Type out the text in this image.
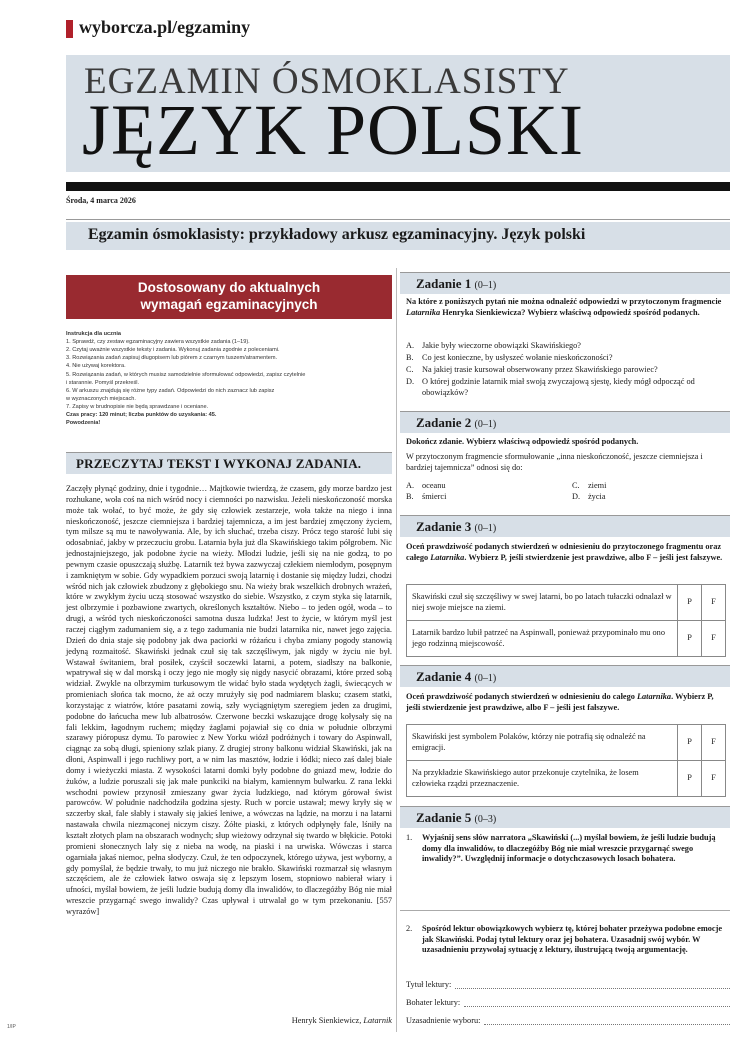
wyborcza.pl/egzaminy
EGZAMIN ÓSMOKLASISTY
JĘZYK POLSKI
Środa, 4 marca 2026
Egzamin ósmoklasisty: przykładowy arkusz egzaminacyjny. Język polski
Dostosowany do aktualnych
wymagań egzaminacyjnych
Instrukcja dla ucznia
1. Sprawdź, czy zestaw egzaminacyjny zawiera wszystkie zadania (1–19).
2. Czytaj uważnie wszystkie teksty i zadania. Wykonuj zadania zgodnie z poleceniami.
3. Rozwiązania zadań zapisuj długopisem lub piórem z czarnym tuszem/atramentem.
4. Nie używaj korektora.
5. Rozwiązania zadań, w których musisz samodzielnie sformułować odpowiedzi, zapisz czytelnie
i starannie. Pomyśl przekreśl.
6. W arkuszu znajdują się różne typy zadań. Odpowiedzi do nich zaznacz lub zapisz
w wyznaczonych miejscach.
7. Zapisy w brudnopisie nie będą sprawdzane i oceniane.
Czas pracy: 120 minut; liczba punktów do uzyskania: 45.
Powodzenia!
PRZECZYTAJ TEKST I WYKONAJ ZADANIA.
Zaczęły płynąć godziny, dnie i tygodnie… Majtkowie twierdzą, że czasem, gdy morze bardzo jest rozhukane, woła coś na nich wśród nocy i ciemności po nazwisku. Jeżeli nieskończoność morska może tak wołać, to być może, że gdy się człowiek zestarzeje, woła także na niego i inna nieskończoność, jeszcze ciemniejsza i bardziej tajemnicza, a im jest bardziej zmęczony życiem, tym milsze są mu te nawoływania. Ale, by ich słuchać, trzeba ciszy. Prócz tego starość lubi się odosabniać, jakby w przeczuciu grobu. Latarnia była już dla Skawińskiego takim półgrobem. Nic jednostajniejszego, jak podobne życie na wieży. Młodzi ludzie, jeśli się na nie godzą, to po pewnym czasie opuszczają służbę. Latarnik też bywa zazwyczaj człekiem niemłodym, posępnym i zamkniętym w sobie. Gdy wypadkiem porzuci swoją latarnię i dostanie się między ludzi, chodzi wśród nich jak człowiek zbudzony z głębokiego snu. Na wieży brak wszelkich drobnych wrażeń, które w zwykłym życiu uczą stosować wszystko do siebie. Wszystko, z czym styka się latarnik, jest olbrzymie i pozbawione zwartych, określonych kształtów. Niebo – to jeden ogół, woda – to drugi, a wśród tych nieskończoności samotna dusza ludzka! Jest to życie, w którym myśl jest raczej ciągłym zadumaniem się, a z tego zadumania nie budzi latarnika nic, nawet jego zajęcia. Dzień do dnia staje się podobny jak dwa paciorki w różańcu i chyba zmiany pogody stanowią jedyną rozmaitość. Skawiński jednak czuł się tak szczęśliwym, jak nigdy w życiu nie był. Wstawał świtaniem, brał posiłek, czyścił soczewki latarni, a potem, siadłszy na balkonie, wpatrywał się w dal morską i oczy jego nie mogły się nigdy nasycić obrazami, które przed sobą widział. Zwykle na olbrzymim turkusowym tle widać było stada wydętych żagli, świecących w promieniach słońca tak mocno, że aż oczy mrużyły się pod nadmiarem blasku; czasem statki, korzystając z wiatrów, które pasatami zowią, szły wyciągniętym szeregiem jeden za drugimi, podobne do łańcucha mew lub albatrosów. Czerwone beczki wskazujące drogę kołysały się na fali lekkim, łagodnym ruchem; między żaglami pojawiał się co dnia w południe olbrzymi szarawy pióropusz dymu. To parowiec z New Yorku wiózł podróżnych i towary do Aspinwall, ciągnąc za sobą długi, spieniony szlak piany. Z drugiej strony balkonu widział Skawiński, jak na dłoni, Aspinwall i jego ruchliwy port, a w nim las masztów, łodzie i łódki; nieco zaś dalej białe domy i wieżyczki miasta. Z wysokości latarni domki były podobne do gniazd mew, łodzie do żuków, a ludzie poruszali się jak małe punkciki na białym, kamiennym bulwarku. Z rana lekki wschodni powiew przynosił zmieszany gwar życia ludzkiego, nad którym górował świst parowców. W południe nadchodziła godzina sjesty. Ruch w porcie ustawał; mewy kryły się w szczerby skał, fale słabły i stawały się jakieś leniwe, a wówczas na lądzie, na morzu i na latarni nastawała chwila niezmąconej niczym ciszy. Żółte piaski, z których odpłynęły fale, lśniły na kształt złotych plam na obszarach wodnych; słup wieżowy odrzynał się twardo w błękicie. Potoki promieni słonecznych lały się z nieba na wodę, na piaski i na urwiska. Wówczas i starca ogarniała jakaś niemoc, pełna słodyczy. Czuł, że ten odpoczynek, którego używa, jest wyborny, a gdy pomyślał, że będzie trwały, to mu już niczego nie brakło. Skawiński rozmarzał się własnym szczęściem, ale że człowiek łatwo oswaja się z lepszym losem, stopniowo nabierał wiary i ufności, myślał bowiem, że jeśli ludzie budują domy dla inwalidów, to dlaczegóżby Bóg nie miał wreszcie przygarnąć swego inwalidy? Czas upływał i utrwalał go w tym przekonaniu. [557 wyrazów]
Henryk Sienkiewicz, Latarnik
1/IP
Zadanie 1 (0–1)
Na które z poniższych pytań nie można odnaleźć odpowiedzi w przytoczonym fragmencie Latarnika Henryka Sienkiewicza? Wybierz właściwą odpowiedź spośród podanych.
A. Jakie były wieczorne obowiązki Skawińskiego?
B.	Co jest konieczne, by usłyszeć wołanie nieskończoności?
C.	Na jakiej trasie kursował obserwowany przez Skawińskiego parowiec?
D. O której godzinie latarnik miał swoją zwyczajową sjestę, kiedy mógł odpocząć od obowiązków?
Zadanie 2 (0–1)
Dokończ zdanie. Wybierz właściwą odpowiedź spośród podanych.
W przytoczonym fragmencie sformułowanie „inna nieskończoność, jeszcze ciemniejsza i bardziej tajemnicza” odnosi się do:
A. oceanu	C.	ziemi
B.	śmierci	D. życia
Zadanie 3 (0–1)
Oceń prawdziwość podanych stwierdzeń w odniesieniu do przytoczonego fragmentu oraz całego Latarnika. Wybierz P, jeśli stwierdzenie jest prawdziwe, albo F – jeśli jest fałszywe.
Skawiński czuł się szczęśliwy w swej latarni, bo po latach tułaczki odnalazł w niej swoje miejsce na ziemi.	P	F
Latarnik bardzo lubił patrzeć na Aspinwall, ponieważ przypominało mu ono jego rodzinną miejscowość.	P	F
Zadanie 4 (0–1)
Oceń prawdziwość podanych stwierdzeń w odniesieniu do całego Latarnika. Wybierz P, jeśli stwierdzenie jest prawdziwe, albo F – jeśli jest fałszywe.
Skawiński jest symbolem Polaków, którzy nie potrafią się odnaleźć na emigracji.	P	F
Na przykładzie Skawińskiego autor przekonuje czytelnika, że losem człowieka rządzi przeznaczenie.	P	F
Zadanie 5 (0–3)
1.	Wyjaśnij sens słów narratora „Skawiński (...) myślał bowiem, że jeśli ludzie budują domy dla inwalidów, to dlaczegóżby Bóg nie miał wreszcie przygarnąć swego inwalidy?”. Uwzględnij informacje o dotychczasowych losach bohatera.
2.	Spośród lektur obowiązkowych wybierz tę, której bohater przeżywa podobne emocje jak Skawiński. Podaj tytuł lektury oraz jej bohatera. Uzasadnij swój wybór. W uzasadnieniu przywołaj sytuację z lektury, ilustrującą twoją argumentację.
Tytuł lektury:
Bohater lektury:
Uzasadnienie wyboru:
